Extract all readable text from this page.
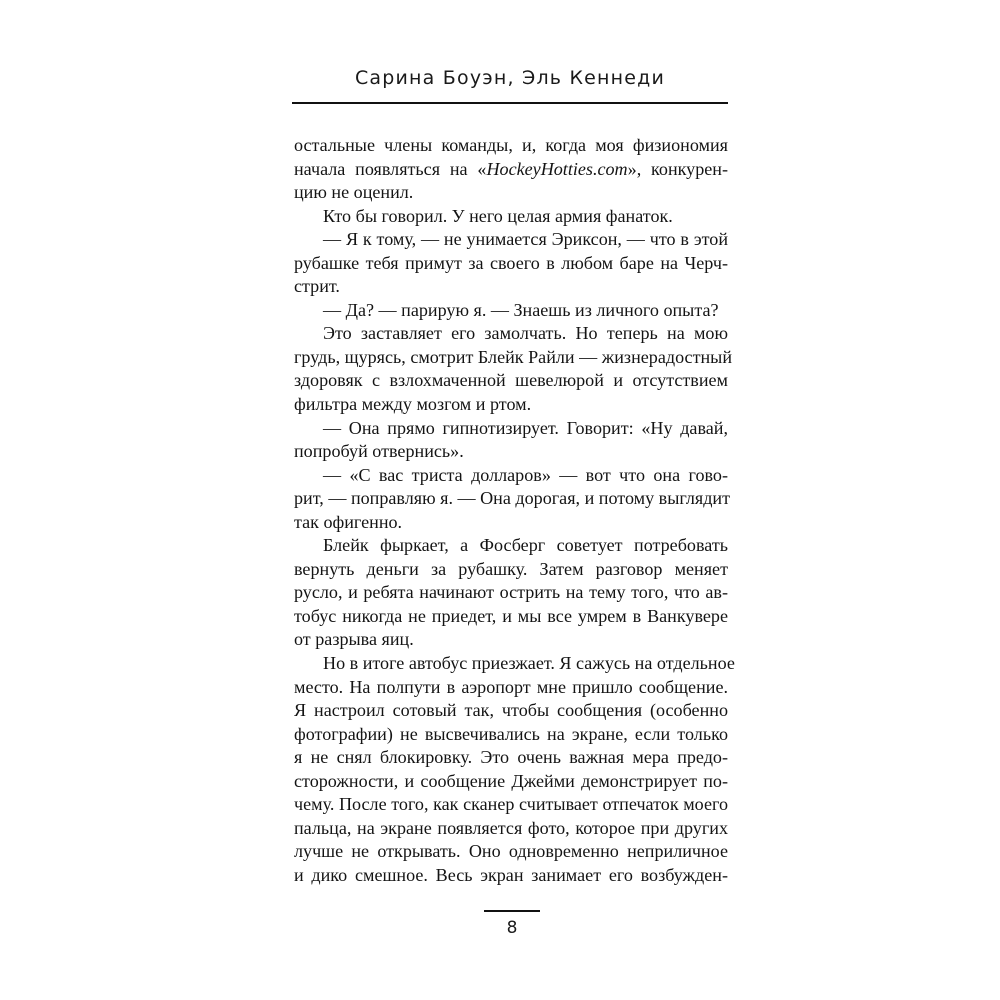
Сарина Боуэн, Эль Кеннеди

остальные члены команды, и, когда моя физиономия
начала появляться на «HockeyHotties.com», конкурен-
цию не оценил.

Кто бы говорил. У него целая армия фанаток.

— Я к тому, — не унимается Эриксон, — что в этой
рубашке тебя примут за своего в любом баре на Черч-
стрит.

— Да? — парирую я. — Знаешь из личного опыта?

Это заставляет его замолчать. Но теперь на мою
грудь, щурясь, смотрит Блейк Райли — жизнерадостный
здоровяк с взлохмаченной шевелюрой и отсутствием
фильтра между мозгом и ртом.

— Она прямо гипнотизирует. Говорит: «Ну давай,
попробуй отвернись».

— «С вас триста долларов» — вот что она гово-
рит, — поправляю я. — Она дорогая, и потому выглядит
так офигенно.

Блейк фыркает, а Фосберг советует потребовать
вернуть деньги за рубашку. Затем разговор меняет
русло, и ребята начинают острить на тему того, что ав-
тобус никогда не приедет, и мы все умрем в Ванкувере
от разрыва яиц.

Но в итоге автобус приезжает. Я сажусь на отдельное
место. На полпути в аэропорт мне пришло сообщение.
Я настроил сотовый так, чтобы сообщения (особенно
фотографии) не высвечивались на экране, если только
я не снял блокировку. Это очень важная мера предо-
сторожности, и сообщение Джейми демонстрирует по-
чему. После того, как сканер считывает отпечаток моего
пальца, на экране появляется фото, которое при других
лучше не открывать. Оно одновременно неприличное
и дико смешное. Весь экран занимает его возбужден-

8
